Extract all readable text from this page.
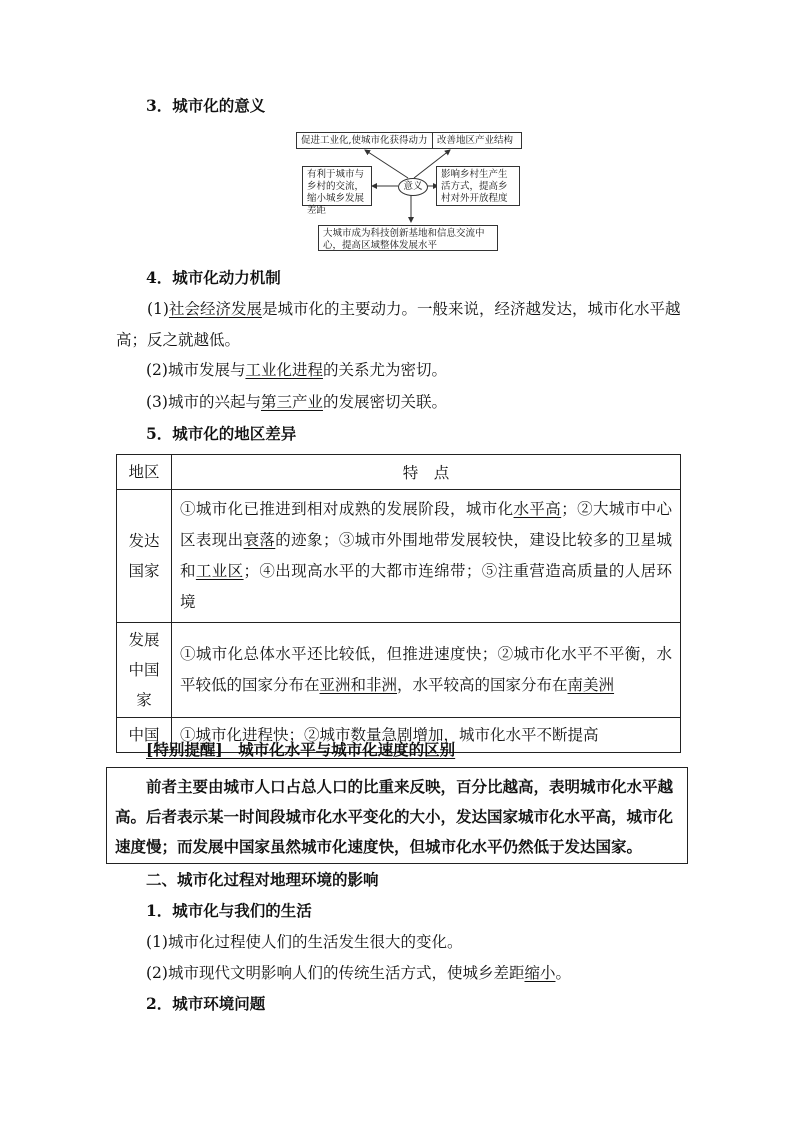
3．城市化的意义
促进工业化,使城市化获得动力 改善地区产业结构
有利于城市与乡村的交流，缩小城乡发展差距
意义
影响乡村生产生活方式，提高乡村对外开放程度
大城市成为科技创新基地和信息交流中心，提高区域整体发展水平
4．城市化动力机制
(1)社会经济发展是城市化的主要动力。一般来说，经济越发达，城市化水平越高；反之就越低。
(2)城市发展与工业化进程的关系尤为密切。
(3)城市的兴起与第三产业的发展密切关联。
5．城市化的地区差异
地区	特　点
发达国家	①城市化已推进到相对成熟的发展阶段，城市化水平高；②大城市中心区表现出衰落的迹象；③城市外围地带发展较快，建设比较多的卫星城和工业区；④出现高水平的大都市连绵带；⑤注重营造高质量的人居环境
发展中国家	①城市化总体水平还比较低，但推进速度快；②城市化水平不平衡，水平较低的国家分布在亚洲和非洲，水平较高的国家分布在南美洲
中国	①城市化进程快；②城市数量急剧增加，城市化水平不断提高
[特别提醒]　城市化水平与城市化速度的区别
前者主要由城市人口占总人口的比重来反映，百分比越高，表明城市化水平越高。后者表示某一时间段城市化水平变化的大小，发达国家城市化水平高，城市化速度慢；而发展中国家虽然城市化速度快，但城市化水平仍然低于发达国家。
二、城市化过程对地理环境的影响
1．城市化与我们的生活
(1)城市化过程使人们的生活发生很大的变化。
(2)城市现代文明影响人们的传统生活方式，使城乡差距缩小。
2．城市环境问题
